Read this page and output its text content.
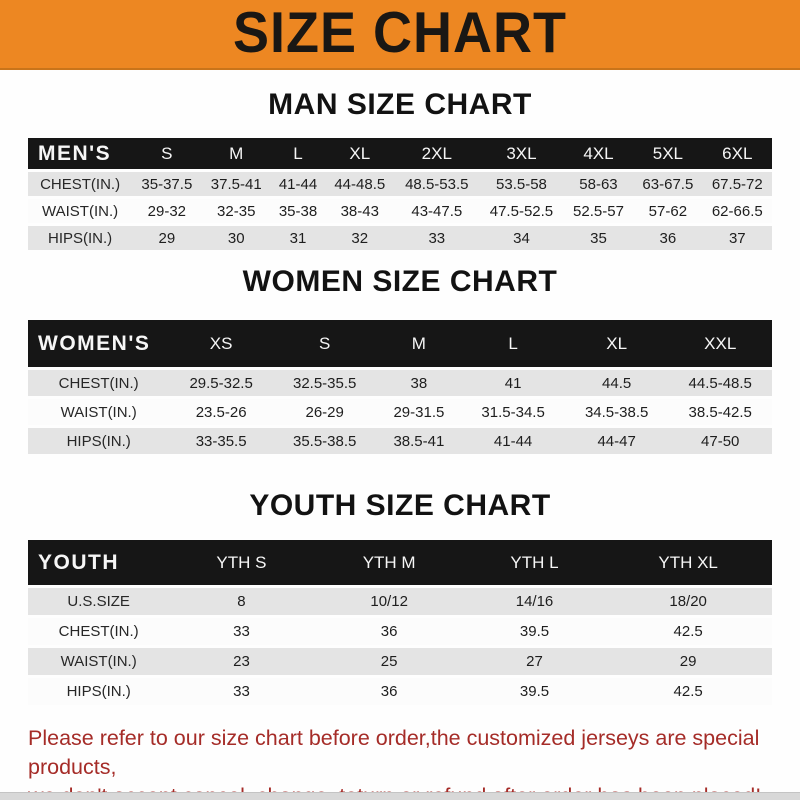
SIZE CHART
MAN SIZE CHART
MEN'S	S	M	L	XL	2XL	3XL	4XL	5XL	6XL
CHEST(IN.)	35-37.5	37.5-41	41-44	44-48.5	48.5-53.5	53.5-58	58-63	63-67.5	67.5-72
WAIST(IN.)	29-32	32-35	35-38	38-43	43-47.5	47.5-52.5	52.5-57	57-62	62-66.5
HIPS(IN.)	29	30	31	32	33	34	35	36	37
WOMEN SIZE CHART
WOMEN'S	XS	S	M	L	XL	XXL
CHEST(IN.)	29.5-32.5	32.5-35.5	38	41	44.5	44.5-48.5
WAIST(IN.)	23.5-26	26-29	29-31.5	31.5-34.5	34.5-38.5	38.5-42.5
HIPS(IN.)	33-35.5	35.5-38.5	38.5-41	41-44	44-47	47-50
YOUTH SIZE CHART
YOUTH	YTH S	YTH M	YTH L	YTH XL
U.S.SIZE	8	10/12	14/16	18/20
CHEST(IN.)	33	36	39.5	42.5
WAIST(IN.)	23	25	27	29
HIPS(IN.)	33	36	39.5	42.5
Please refer to our size chart before order,the customized jerseys are special products,
